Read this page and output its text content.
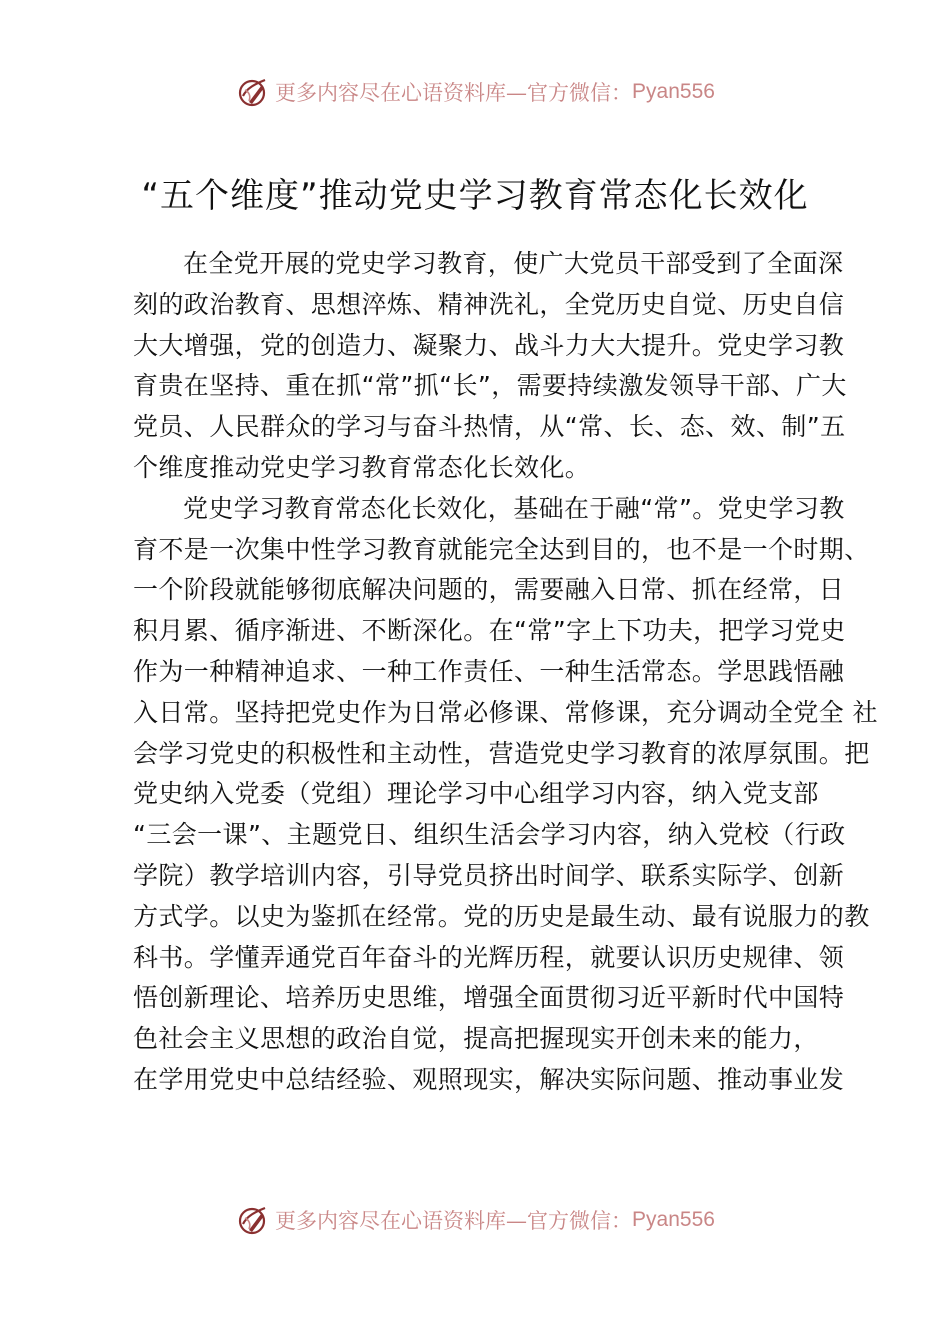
更多内容尽在心语资料库—官方微信： Pyan556
“五个维度”推动党史学习教育常态化长效化
在全党开展的党史学习教育，使广大党员干部受到了全面深
刻的政治教育、思想淬炼、精神洗礼，全党历史自觉、历史自信
大大增强，党的创造力、凝聚力、战斗力大大提升。党史学习教
育贵在坚持、重在抓“常”抓“长”，需要持续激发领导干部、广大
党员、人民群众的学习与奋斗热情，从“常、长、态、效、制”五
个维度推动党史学习教育常态化长效化。
党史学习教育常态化长效化，基础在于融“常”。党史学习教
育不是一次集中性学习教育就能完全达到目的，也不是一个时期、
一个阶段就能够彻底解决问题的，需要融入日常、抓在经常，日
积月累、循序渐进、不断深化。在“常”字上下功夫，把学习党史
作为一种精神追求、一种工作责任、一种生活常态。学思践悟融
入日常。坚持把党史作为日常必修课、常修课，充分调动全党全 社
会学习党史的积极性和主动性，营造党史学习教育的浓厚氛围。把
党史纳入党委（党组）理论学习中心组学习内容，纳入党支部
“三会一课”、主题党日、组织生活会学习内容，纳入党校（行政
学院）教学培训内容，引导党员挤出时间学、联系实际学、创新
方式学。以史为鉴抓在经常。党的历史是最生动、最有说服力的教
科书。学懂弄通党百年奋斗的光辉历程，就要认识历史规律、领
悟创新理论、培养历史思维，增强全面贯彻习近平新时代中国特
色社会主义思想的政治自觉，提高把握现实开创未来的能力，
在学用党史中总结经验、观照现实，解决实际问题、推动事业发
更多内容尽在心语资料库—官方微信： Pyan556
